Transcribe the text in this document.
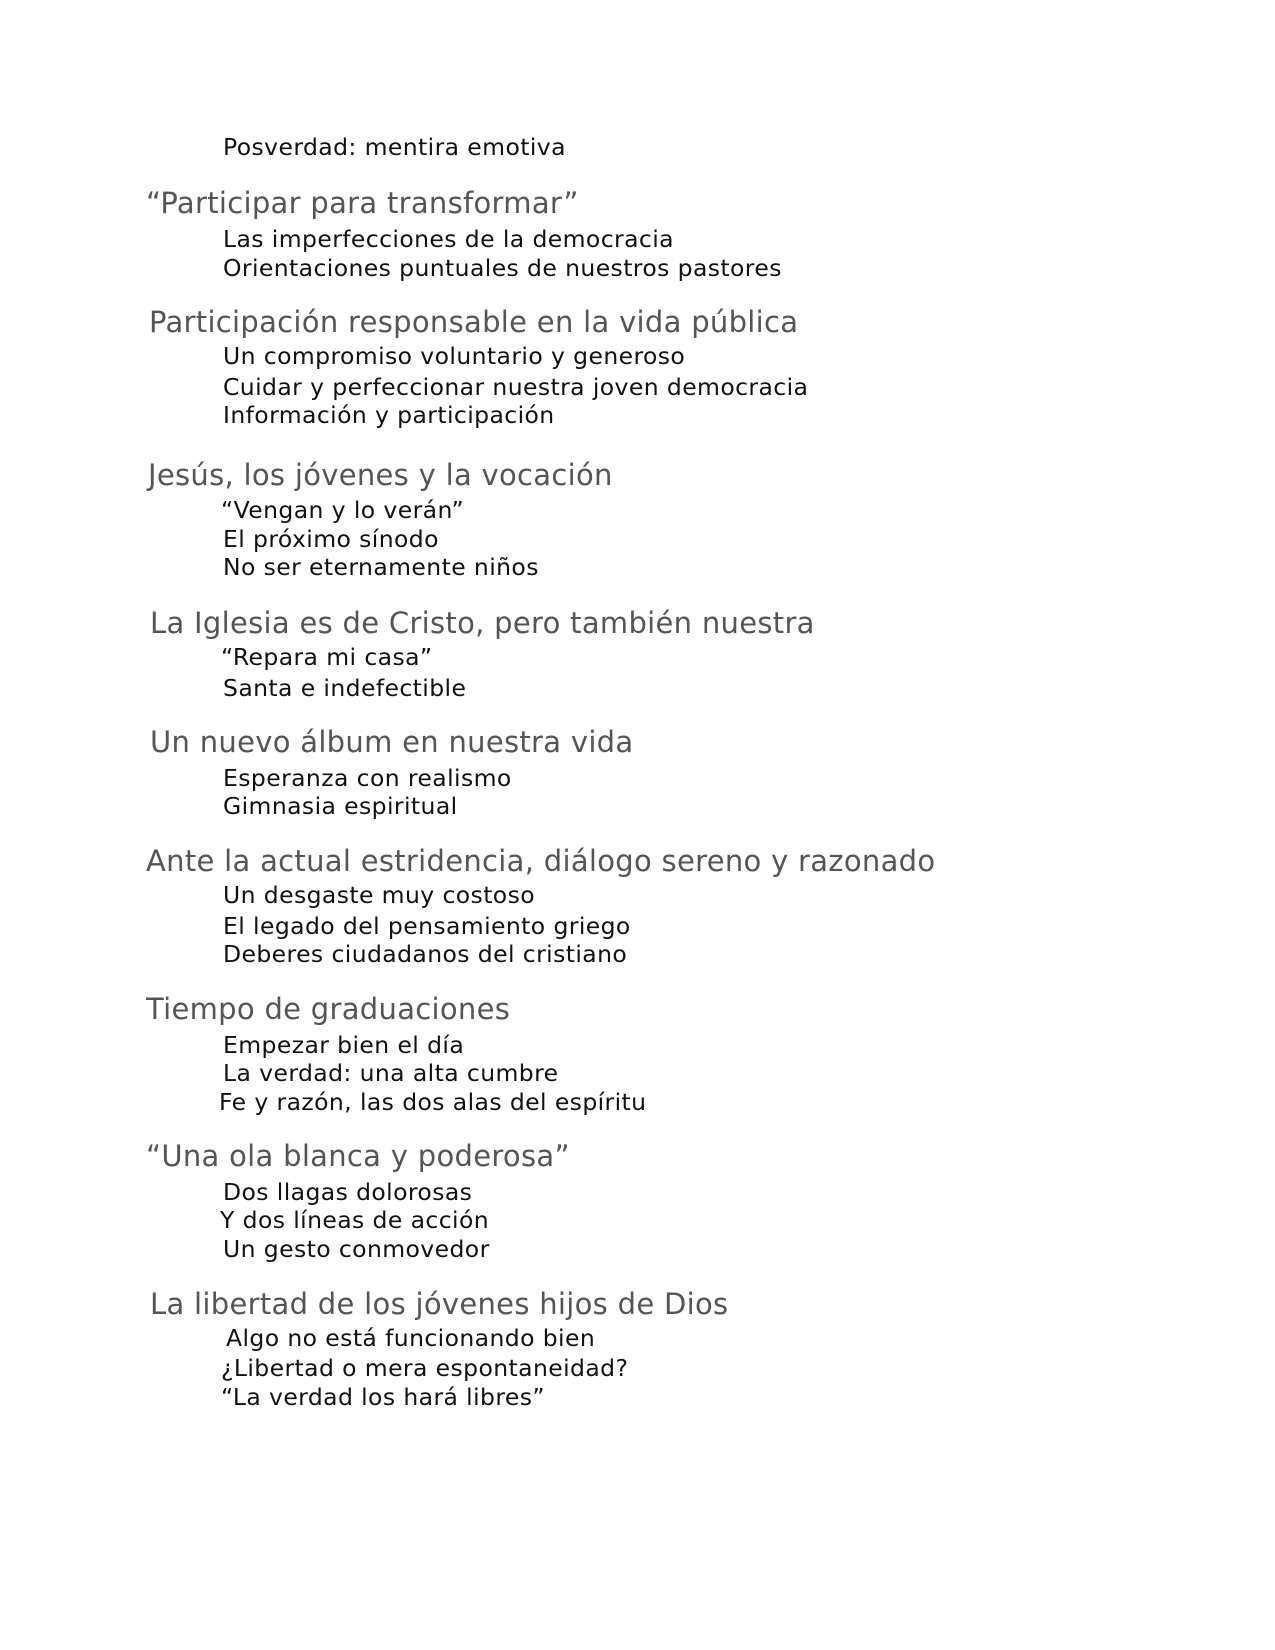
Posverdad: mentira emotiva

“Participar para transformar”

Las imperfecciones de la democracia

Orientaciones puntuales de nuestros pastores

Participación responsable en la vida pública

Un compromiso voluntario y generoso

Cuidar y perfeccionar nuestra joven democracia

Información y participación

Jesús, los jóvenes y la vocación

“Vengan y lo verán”

El próximo sínodo

No ser eternamente niños

La Iglesia es de Cristo, pero también nuestra

“Repara mi casa”

Santa e indefectible

Un nuevo álbum en nuestra vida

Esperanza con realismo

Gimnasia espiritual

Ante la actual estridencia, diálogo sereno y razonado

Un desgaste muy costoso

El legado del pensamiento griego

Deberes ciudadanos del cristiano

Tiempo de graduaciones

Empezar bien el día

La verdad: una alta cumbre

Fe y razón, las dos alas del espíritu

“Una ola blanca y poderosa”

Dos llagas dolorosas

Y dos líneas de acción

Un gesto conmovedor

La libertad de los jóvenes hijos de Dios

Algo no está funcionando bien

¿Libertad o mera espontaneidad?

“La verdad los hará libres”
